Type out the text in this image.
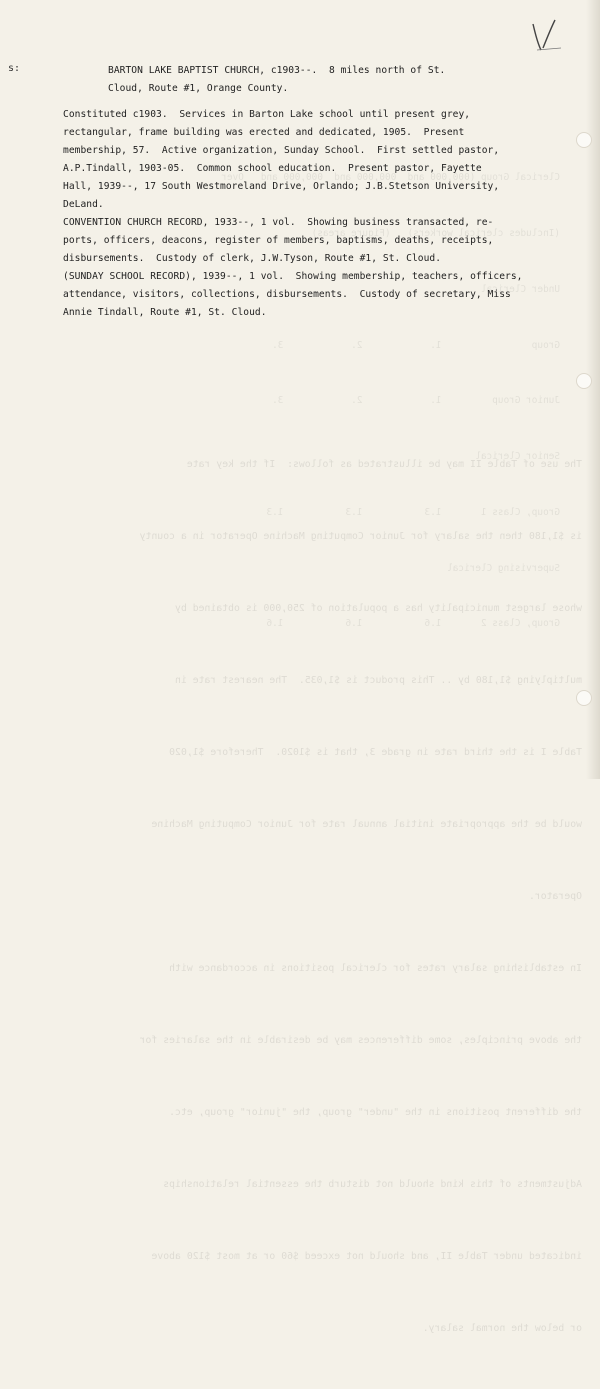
s:

Clerical Group (000,000 and  000,000 and  000,000 and   Over

(Includes clerical workers)   (Figure areas)

Under Clerical

Group                1.            2.            3.

Junior Group         1.            2.            3.

Senior Clerical

Group, Class 1       1.3           1.3           1.3

Supervising Clerical

Group, Class 2       1.6           1.6           1.6

The use of Table II may be illustrated as follows:  If the key rate

is $1,180 then the salary for Junior Computing Machine Operator in a county

whose largest municipality has a population of 250,000 is obtained by

multiplying $1,180 by .. This product is $1,035.  The nearest rate in

Table I is the third rate in grade 3, that is $1020.  Therefore $1,020

would be the appropriate initial annual rate for Junior Computing Machine

Operator.

In establishing salary rates for clerical positions in accordance with

the above principles, some differences may be desirable in the salaries for

the different positions in the "under" group, the "junior" group, etc.

Adjustments of this kind should not disturb the essential relationships

indicated under Table II, and should not exceed $60 or at most $120 above

or below the normal salary.

BARTON LAKE BAPTIST CHURCH, c1903--.  8 miles north of St.

Cloud, Route #1, Orange County.

Constituted c1903.  Services in Barton Lake school until present grey,

rectangular, frame building was erected and dedicated, 1905.  Present

membership, 57.  Active organization, Sunday School.  First settled pastor,

A.P.Tindall, 1903-05.  Common school education.  Present pastor, Fayette

Hall, 1939--, 17 South Westmoreland Drive, Orlando; J.B.Stetson University,

DeLand.

CONVENTION CHURCH RECORD, 1933--, 1 vol.  Showing business transacted, re-

ports, officers, deacons, register of members, baptisms, deaths, receipts,

disbursements.  Custody of clerk, J.W.Tyson, Route #1, St. Cloud.

(SUNDAY SCHOOL RECORD), 1939--, 1 vol.  Showing membership, teachers, officers,

attendance, visitors, collections, disbursements.  Custody of secretary, Miss

Annie Tindall, Route #1, St. Cloud.
